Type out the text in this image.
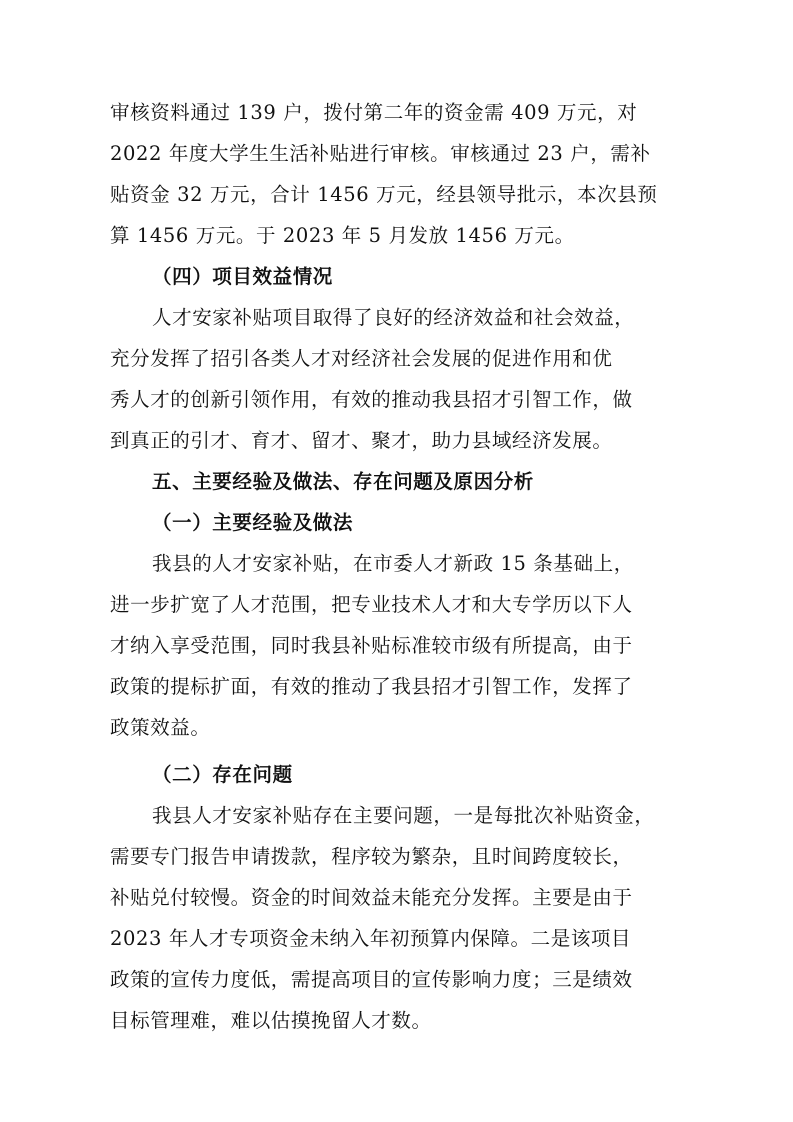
审核资料通过 139 户，拨付第二年的资金需 409 万元，对
2022 年度大学生生活补贴进行审核。审核通过 23 户，需补
贴资金 32 万元，合计 1456 万元，经县领导批示，本次县预
算 1456 万元。于 2023 年 5 月发放 1456 万元。

（四）项目效益情况

人才安家补贴项目取得了良好的经济效益和社会效益，
充分发挥了招引各类人才对经济社会发展的促进作用和优
秀人才的创新引领作用，有效的推动我县招才引智工作，做
到真正的引才、育才、留才、聚才，助力县域经济发展。

五、主要经验及做法、存在问题及原因分析

（一）主要经验及做法

我县的人才安家补贴，在市委人才新政 15 条基础上，
进一步扩宽了人才范围，把专业技术人才和大专学历以下人
才纳入享受范围，同时我县补贴标准较市级有所提高，由于
政策的提标扩面，有效的推动了我县招才引智工作，发挥了
政策效益。

（二）存在问题

我县人才安家补贴存在主要问题，一是每批次补贴资金，
需要专门报告申请拨款，程序较为繁杂，且时间跨度较长，
补贴兑付较慢。资金的时间效益未能充分发挥。主要是由于
2023 年人才专项资金未纳入年初预算内保障。二是该项目
政策的宣传力度低，需提高项目的宣传影响力度；三是绩效
目标管理难，难以估摸挽留人才数。
